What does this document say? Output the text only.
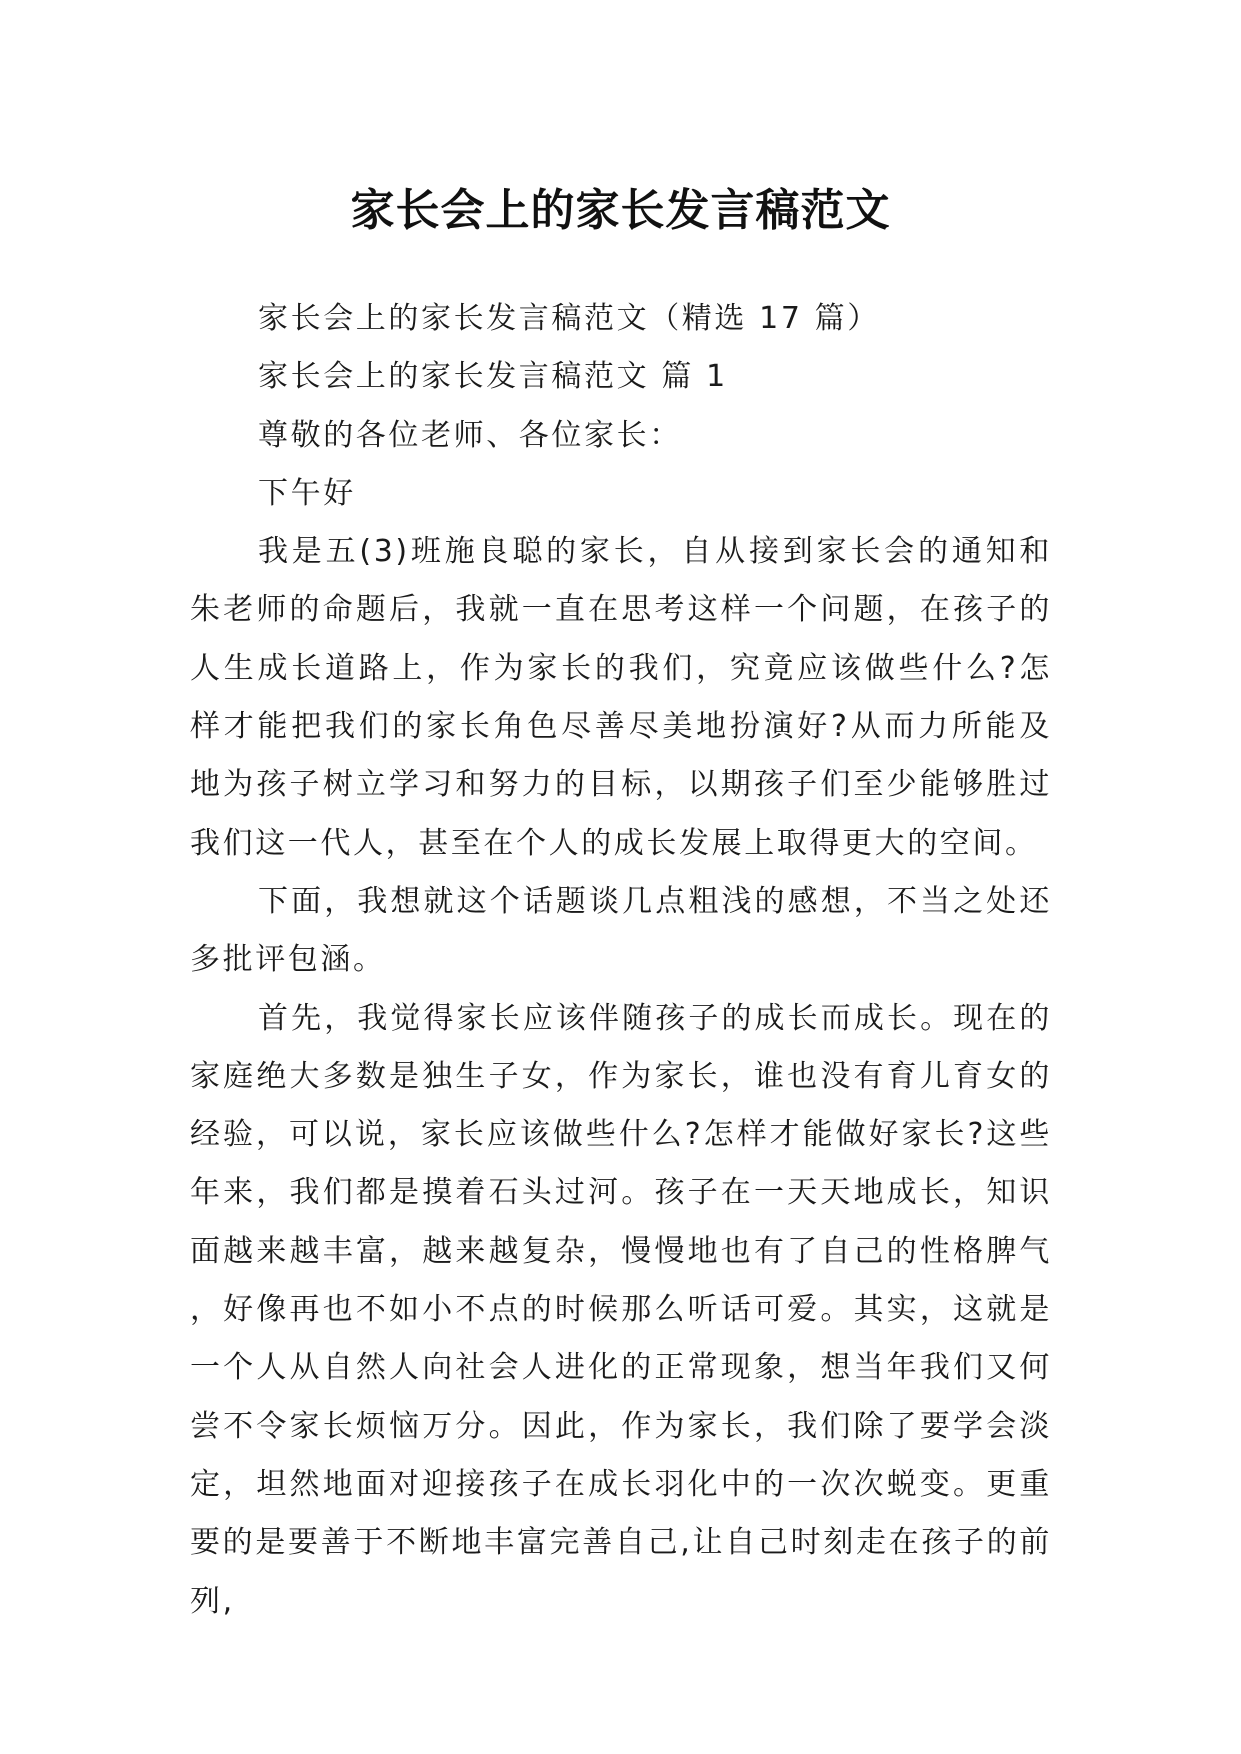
家长会上的家长发言稿范文

家长会上的家长发言稿范文（精选 17 篇）

家长会上的家长发言稿范文 篇 1

尊敬的各位老师、各位家长：

下午好

我是五(3)班施良聪的家长，自从接到家长会的通知和朱老师的命题后，我就一直在思考这样一个问题，在孩子的人生成长道路上，作为家长的我们，究竟应该做些什么?怎样才能把我们的家长角色尽善尽美地扮演好?从而力所能及地为孩子树立学习和努力的目标，以期孩子们至少能够胜过我们这一代人，甚至在个人的成长发展上取得更大的空间。

下面，我想就这个话题谈几点粗浅的感想，不当之处还多批评包涵。

首先，我觉得家长应该伴随孩子的成长而成长。现在的家庭绝大多数是独生子女，作为家长，谁也没有育儿育女的经验，可以说，家长应该做些什么?怎样才能做好家长?这些年来，我们都是摸着石头过河。孩子在一天天地成长，知识面越来越丰富，越来越复杂，慢慢地也有了自己的性格脾气，好像再也不如小不点的时候那么听话可爱。其实，这就是一个人从自然人向社会人进化的正常现象，想当年我们又何尝不令家长烦恼万分。因此，作为家长，我们除了要学会淡定，坦然地面对迎接孩子在成长羽化中的一次次蜕变。更重要的是要善于不断地丰富完善自己,让自己时刻走在孩子的前列,
